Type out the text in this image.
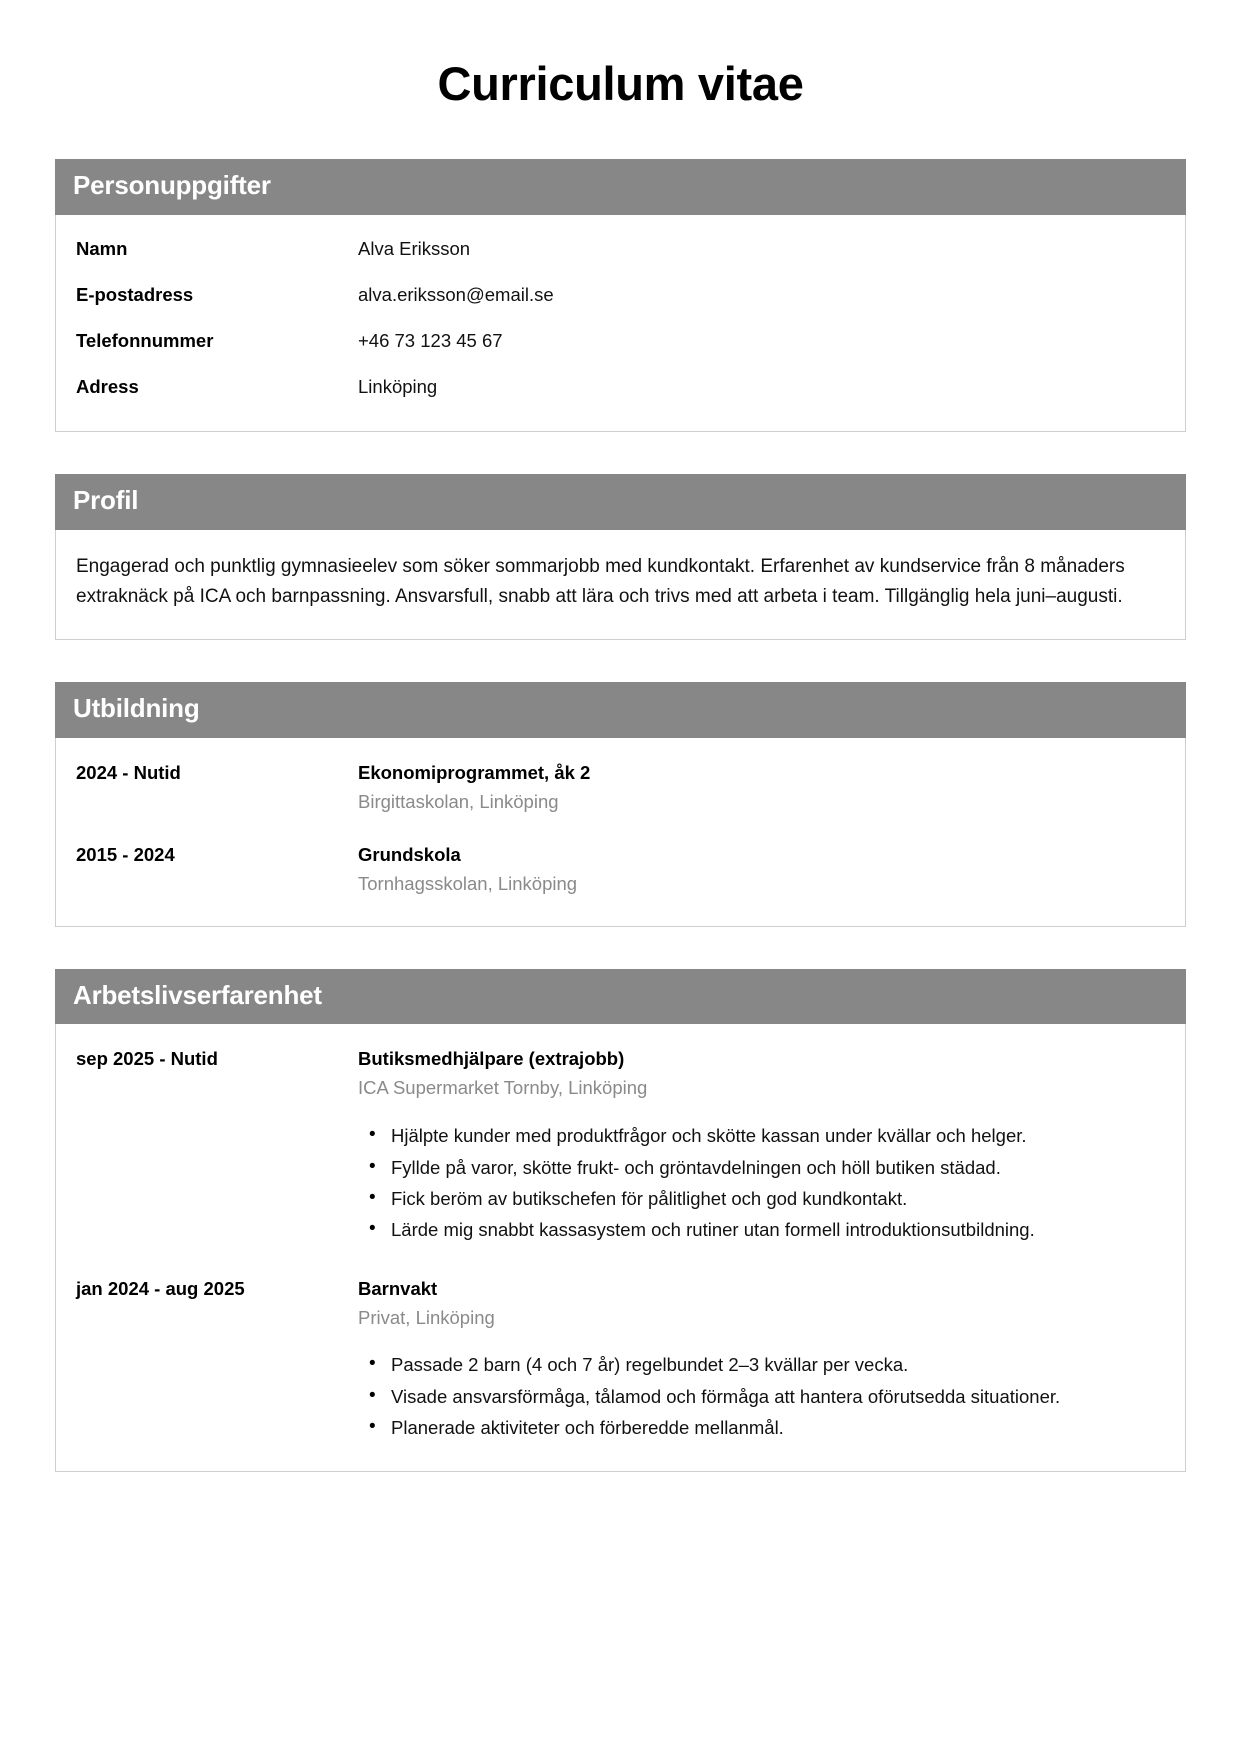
Curriculum vitae
Personuppgifter
Namn	Alva Eriksson
E-postadress	alva.eriksson@email.se
Telefonnummer	+46 73 123 45 67
Adress	Linköping
Profil

Engagerad och punktlig gymnasieelev som söker sommarjobb med kundkontakt. Erfarenhet av kundservice från 8 månaders extraknäck på ICA och barnpassning. Ansvarsfull, snabb att lära och trivs med att arbeta i team. Tillgänglig hela juni–augusti.

Utbildning
2024 - Nutid	Ekonomiprogrammet, åk 2
Birgittaskolan, Linköping
2015 - 2024	Grundskola
Tornhagsskolan, Linköping
Arbetslivserfarenhet
sep 2025 - Nutid	Butiksmedhjälpare (extrajobb)
ICA Supermarket Tornby, Linköping
• Hjälpte kunder med produktfrågor och skötte kassan under kvällar och helger.
• Fyllde på varor, skötte frukt- och gröntavdelningen och höll butiken städad.
• Fick beröm av butikschefen för pålitlighet och god kundkontakt.
• Lärde mig snabbt kassasystem och rutiner utan formell introduktionsutbildning.
jan 2024 - aug 2025	Barnvakt
Privat, Linköping
• Passade 2 barn (4 och 7 år) regelbundet 2–3 kvällar per vecka.
• Visade ansvarsförmåga, tålamod och förmåga att hantera oförutsedda situationer.
• Planerade aktiviteter och förberedde mellanmål.
